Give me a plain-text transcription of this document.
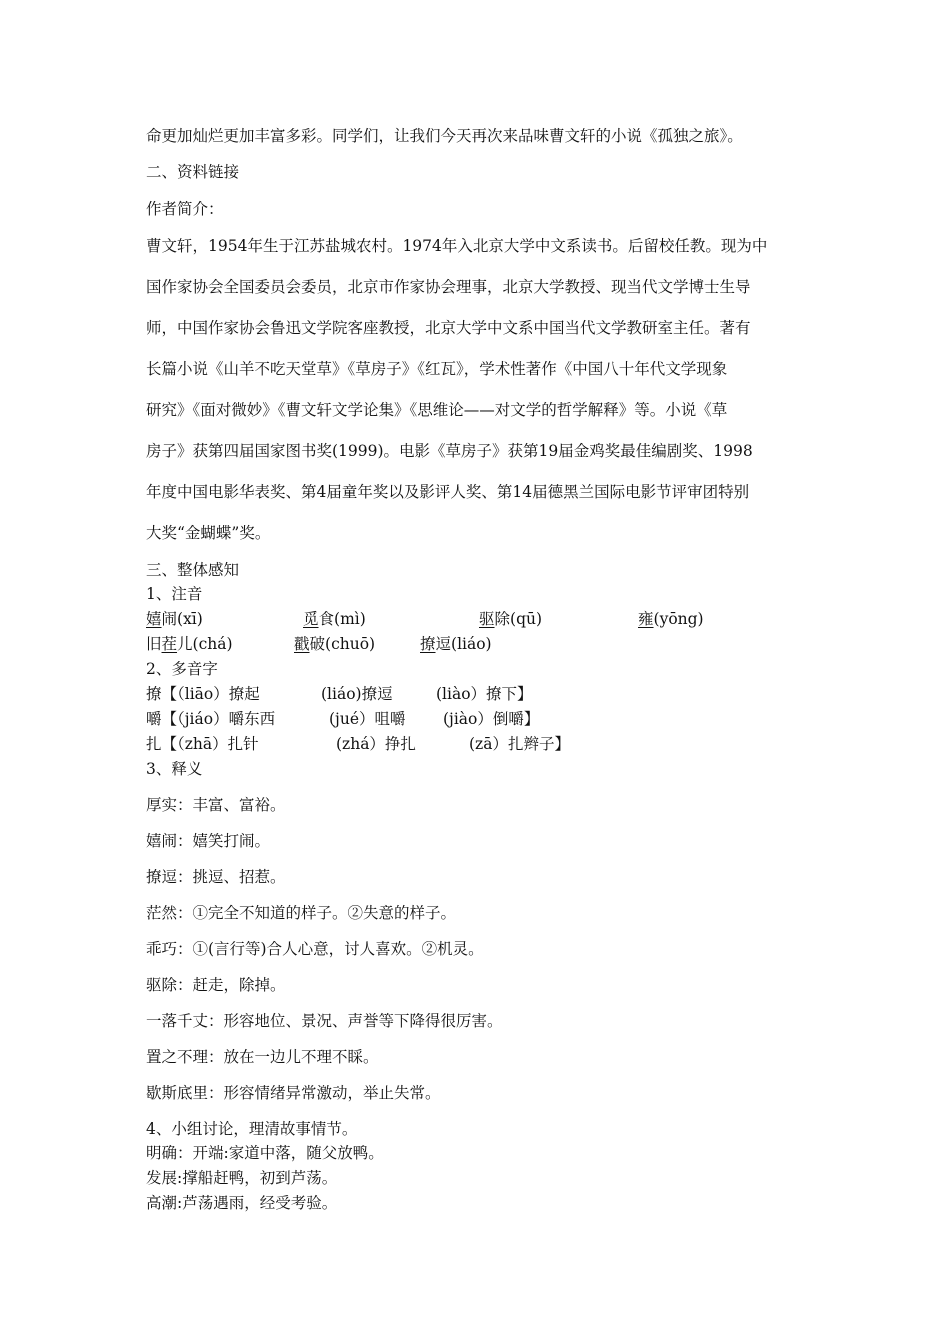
命更加灿烂更加丰富多彩。同学们，让我们今天再次来品味曹文轩的小说《孤独之旅》。
二、资料链接
作者简介：
曹文轩，1954年生于江苏盐城农村。1974年入北京大学中文系读书。后留校任教。现为中
国作家协会全国委员会委员，北京市作家协会理事，北京大学教授、现当代文学博士生导
师，中国作家协会鲁迅文学院客座教授，北京大学中文系中国当代文学教研室主任。著有
长篇小说《山羊不吃天堂草》《草房子》《红瓦》，学术性著作《中国八十年代文学现象
研究》《面对微妙》《曹文轩文学论集》《思维论——对文学的哲学解释》等。小说《草
房子》获第四届国家图书奖(1999)。电影《草房子》获第19届金鸡奖最佳编剧奖、1998
年度中国电影华表奖、第4届童年奖以及影评人奖、第14届德黑兰国际电影节评审团特别
大奖“金蝴蝶”奖。
三、整体感知
1、注音
嬉闹(xī)	觅食(mì)	驱除(qū)	雍(yōng)
旧茬儿(chá)	戳破(chuō)	撩逗(liáo)
2、多音字
撩【（liāo）撩起	(liáo)撩逗	(liào）撩下】
嚼【（jiáo）嚼东西	(jué）咀嚼 (jiào）倒嚼】
扎【（zhā）扎针	(zhá）挣扎	(zā）扎辫子】
3、释义
厚实：丰富、富裕。
嬉闹：嬉笑打闹。
撩逗：挑逗、招惹。
茫然：①完全不知道的样子。②失意的样子。
乖巧：①(言行等)合人心意，讨人喜欢。②机灵。
驱除：赶走，除掉。
一落千丈：形容地位、景况、声誉等下降得很厉害。
置之不理：放在一边儿不理不睬。
歇斯底里：形容情绪异常激动，举止失常。
4、小组讨论，理清故事情节。
明确：开端:家道中落，随父放鸭。
发展:撑船赶鸭，初到芦荡。
高潮:芦荡遇雨，经受考验。
